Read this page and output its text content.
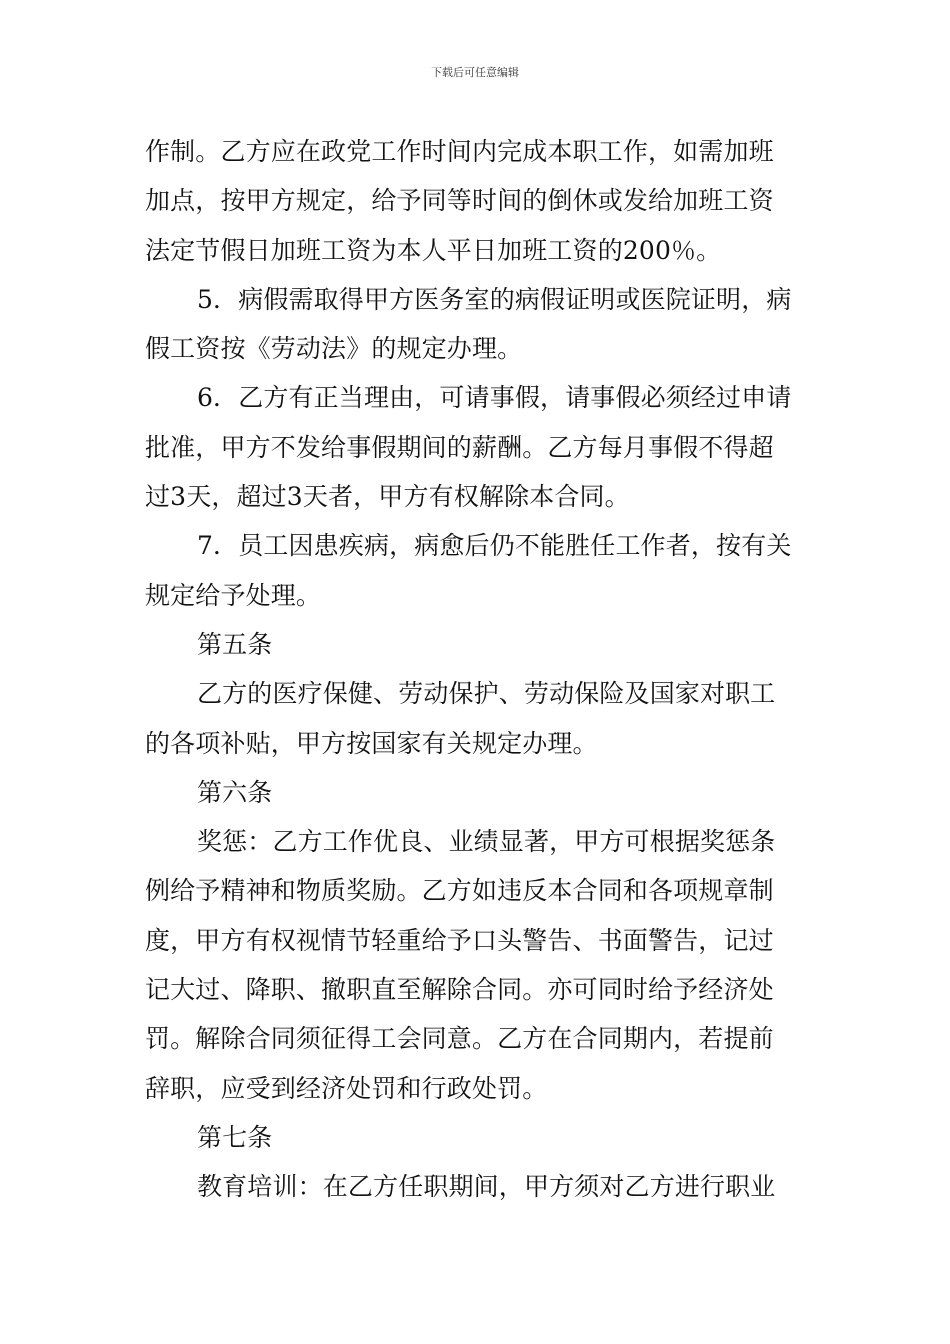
下载后可任意编辑
作制。乙方应在政党工作时间内完成本职工作，如需加班
加点，按甲方规定，给予同等时间的倒休或发给加班工资
法定节假日加班工资为本人平日加班工资的200％。
5．病假需取得甲方医务室的病假证明或医院证明，病
假工资按《劳动法》的规定办理。
6．乙方有正当理由，可请事假，请事假必须经过申请
批准，甲方不发给事假期间的薪酬。乙方每月事假不得超
过3天，超过3天者，甲方有权解除本合同。
7．员工因患疾病，病愈后仍不能胜任工作者，按有关
规定给予处理。
第五条
乙方的医疗保健、劳动保护、劳动保险及国家对职工
的各项补贴，甲方按国家有关规定办理。
第六条
奖惩：乙方工作优良、业绩显著，甲方可根据奖惩条
例给予精神和物质奖励。乙方如违反本合同和各项规章制
度，甲方有权视情节轻重给予口头警告、书面警告，记过
记大过、降职、撤职直至解除合同。亦可同时给予经济处
罚。解除合同须征得工会同意。乙方在合同期内，若提前
辞职，应受到经济处罚和行政处罚。
第七条
教育培训：在乙方任职期间，甲方须对乙方进行职业
